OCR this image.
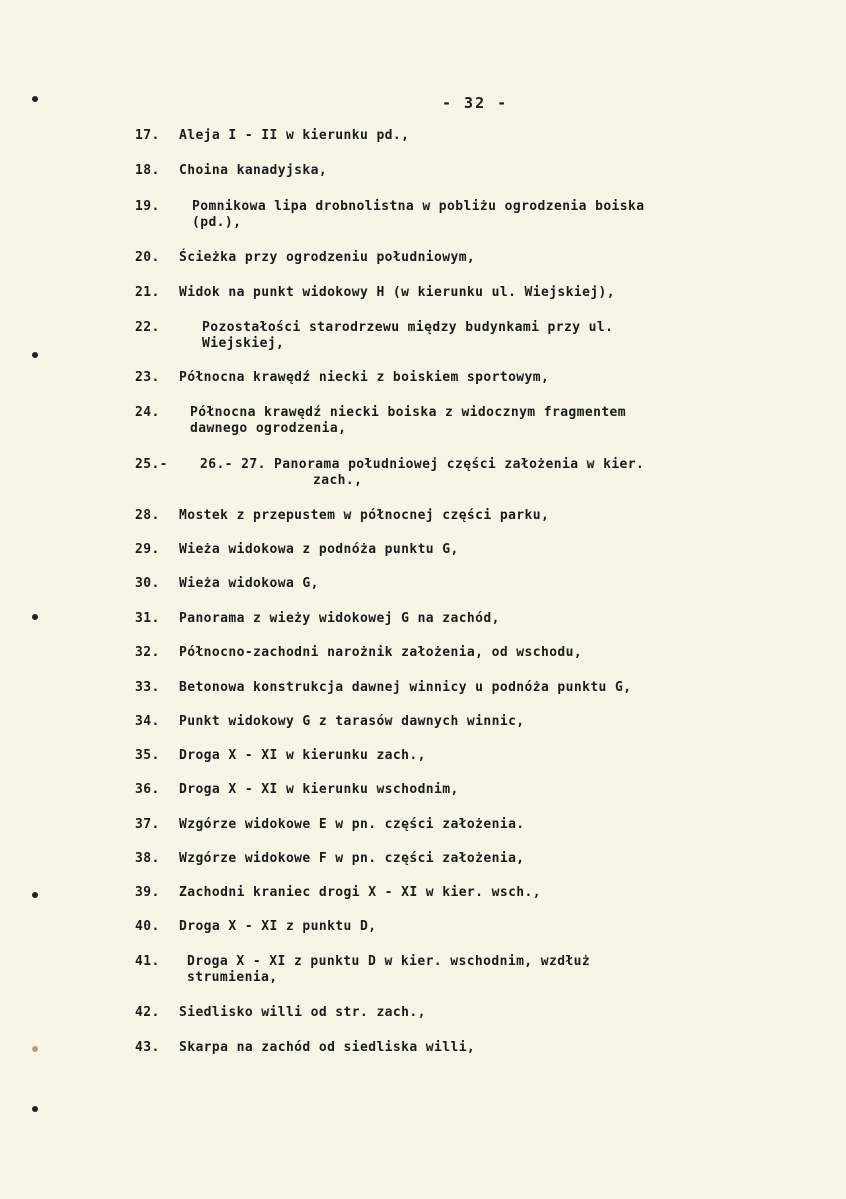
- 32 -
17. Aleja I - II w kierunku pd.,
18. Choina kanadyjska,
19. Pomnikowa lipa drobnolistna w pobliżu ogrodzenia boiska
(pd.),
20. Ścieżka przy ogrodzeniu południowym,
21. Widok na punkt widokowy H (w kierunku ul. Wiejskiej),
22.	Pozostałości starodrzewu między budynkami przy ul.
Wiejskiej,
23. Północna krawędź niecki z boiskiem sportowym,
24. Północna krawędź niecki boiska z widocznym fragmentem
dawnego ogrodzenia,
25.- 26.- 27. Panorama południowej części założenia w kier.
zach.,
28. Mostek z przepustem w północnej części parku,
29. Wieża widokowa z podnóża punktu G,
30. Wieża widokowa G,
31. Panorama z wieży widokowej G na zachód,
32. Północno-zachodni narożnik założenia, od wschodu,
33. Betonowa konstrukcja dawnej winnicy u podnóża punktu G,
34. Punkt widokowy G z tarasów dawnych winnic,
35. Droga X - XI w kierunku zach.,
36. Droga X - XI w kierunku wschodnim,
37. Wzgórze widokowe E w pn. części założenia.
38. Wzgórze widokowe F w pn. części założenia,
39. Zachodni kraniec drogi X - XI w kier. wsch.,
40. Droga X - XI z punktu D,
41. Droga X - XI z punktu D w kier. wschodnim, wzdłuż
strumienia,
42. Siedlisko willi od str. zach.,
43. Skarpa na zachód od siedliska willi,
